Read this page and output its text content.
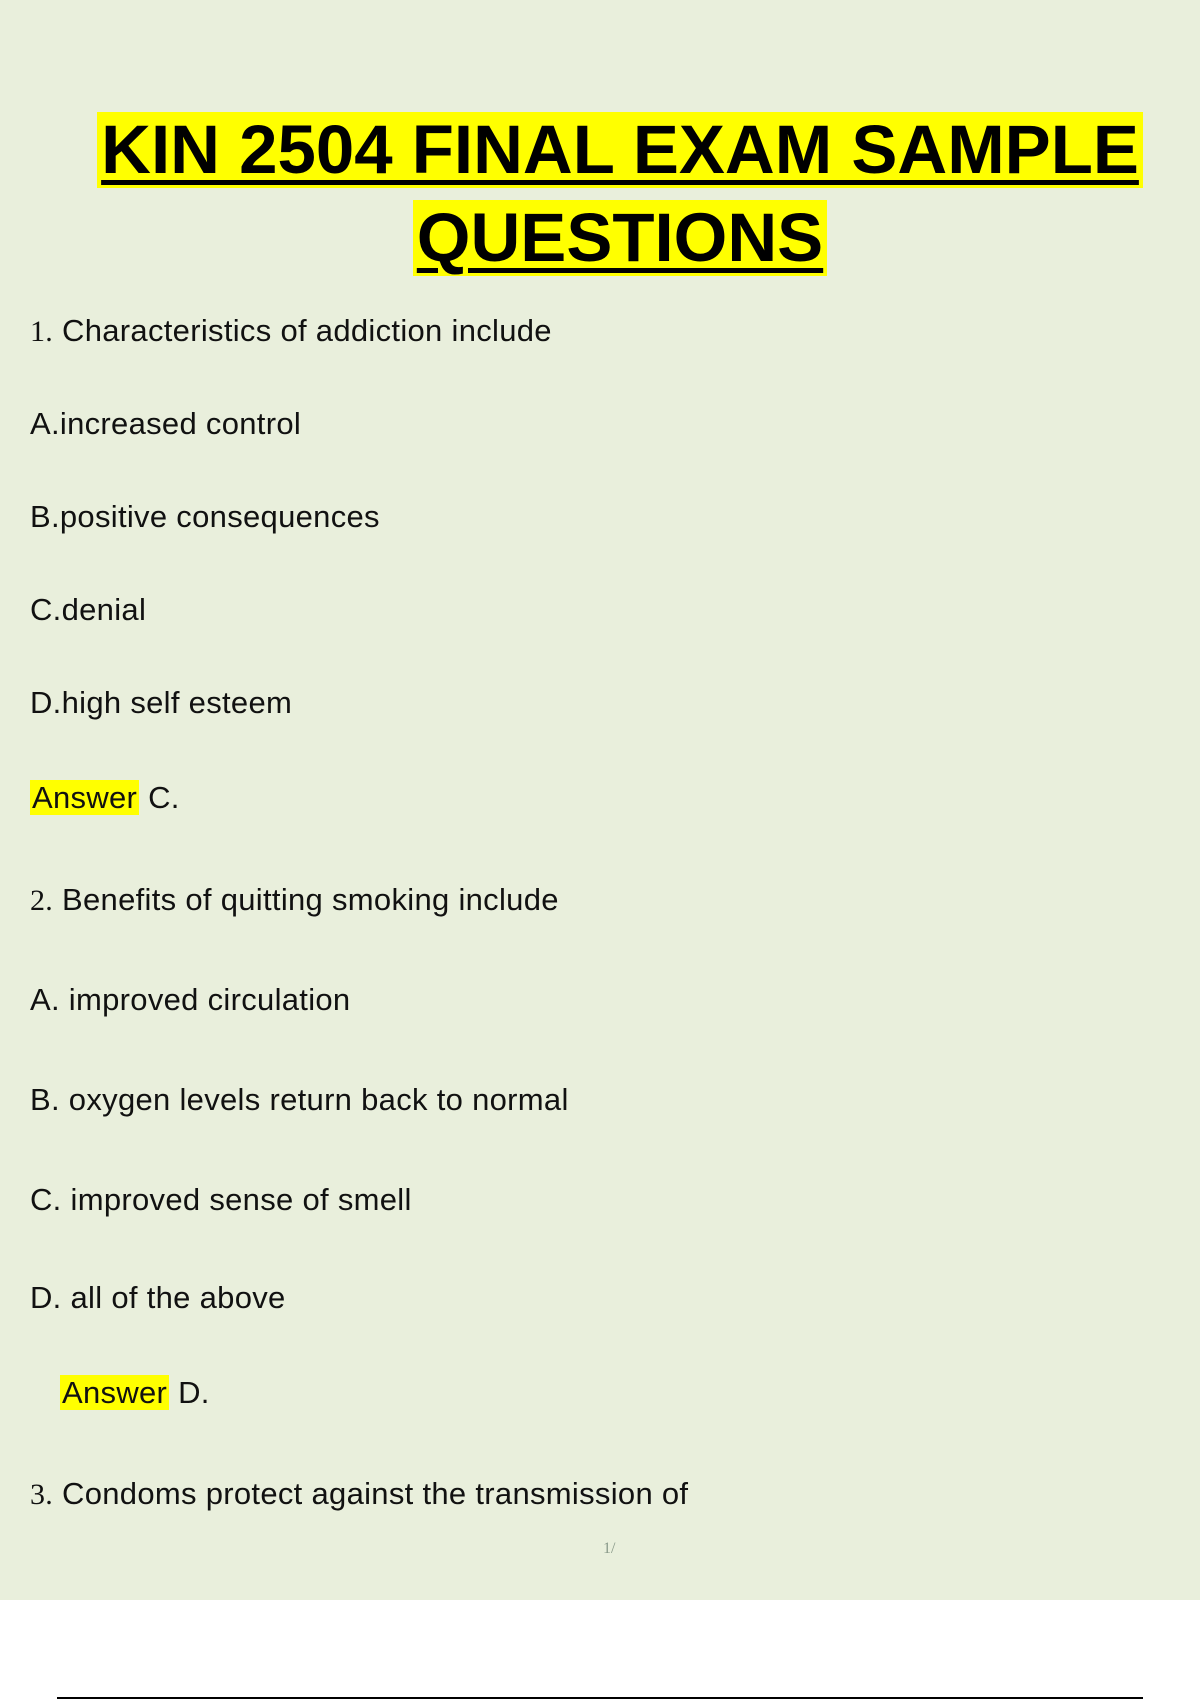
KIN 2504 FINAL EXAM SAMPLE
QUESTIONS
1. Characteristics of addiction include
A.increased control
B.positive consequences
C.denial
D.high self esteem
Answer C.
2. Benefits of quitting smoking include
A. improved circulation
B. oxygen levels return back to normal
C. improved sense of smell
D. all of the above
Answer D.
3. Condoms protect against the transmission of
1/
